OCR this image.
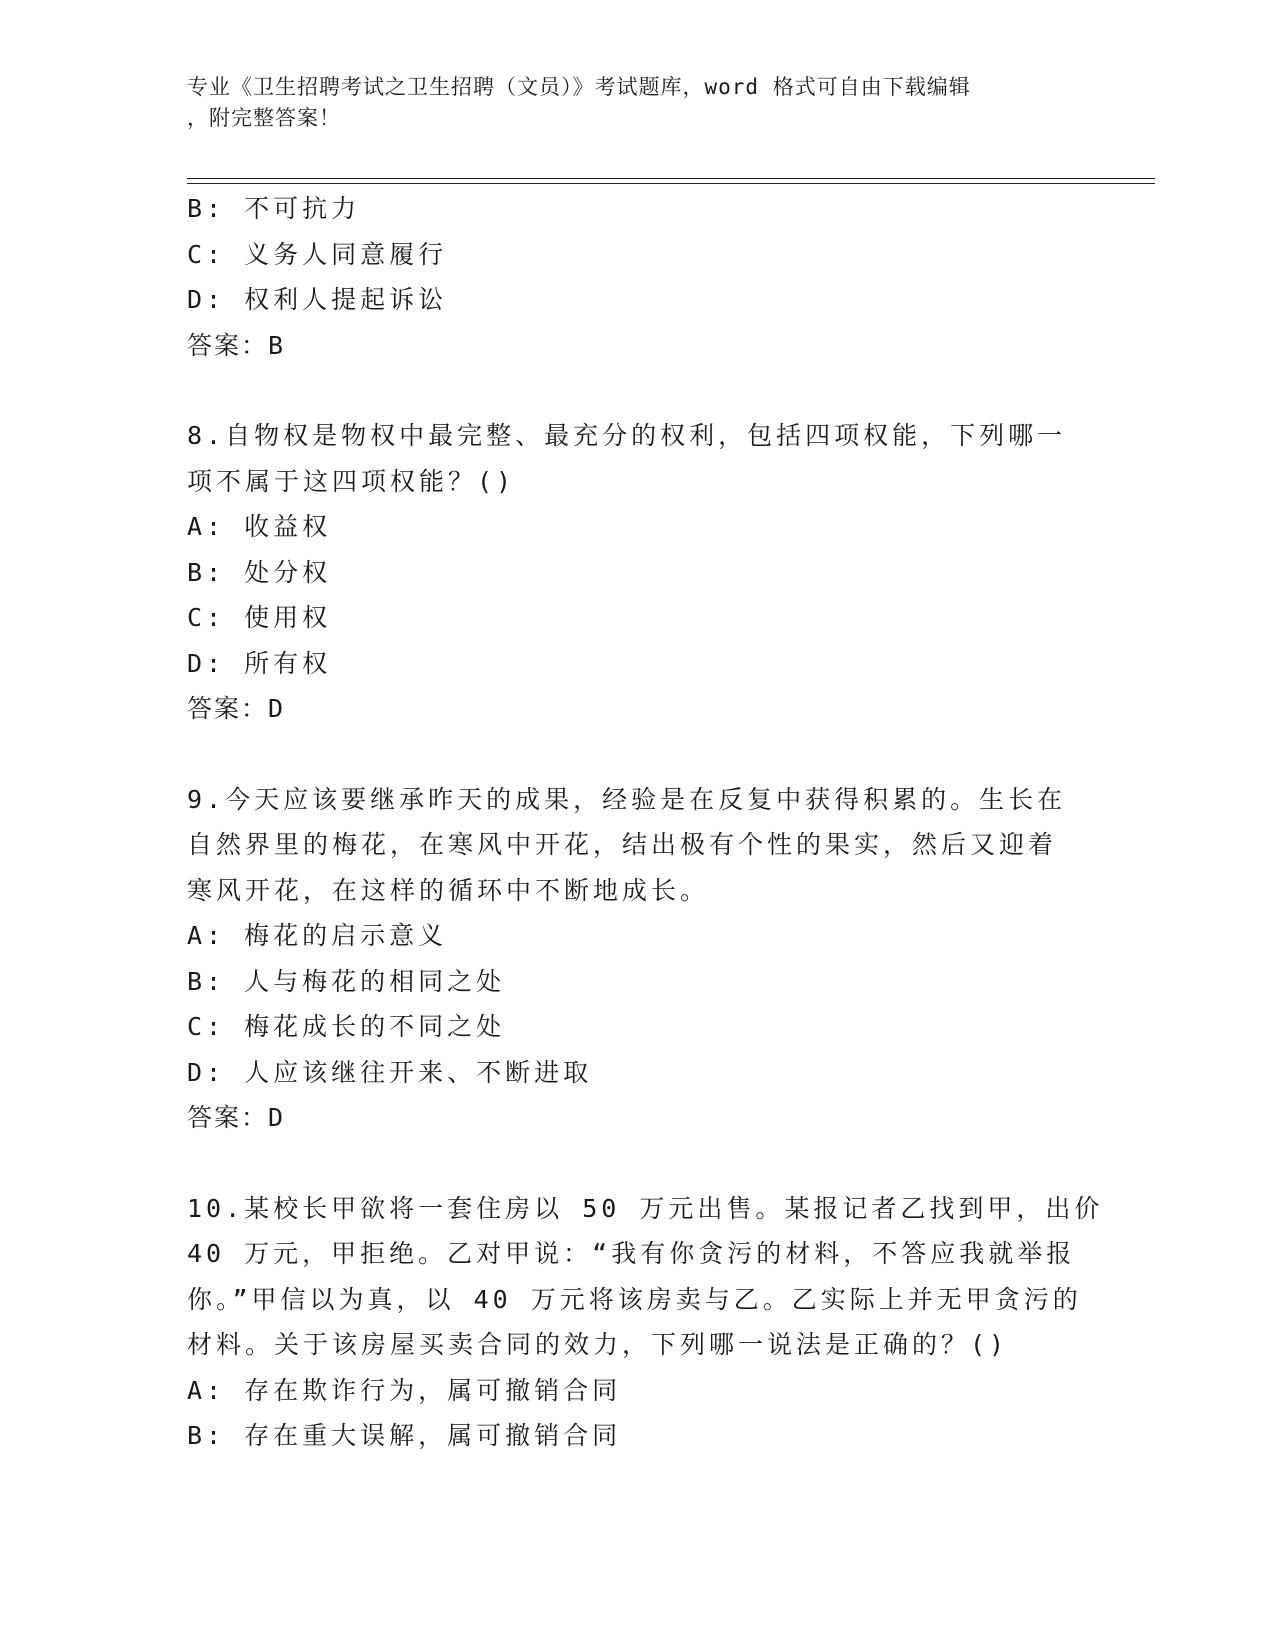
专业《卫生招聘考试之卫生招聘（文员）》考试题库，word 格式可自由下载编辑
，附完整答案！
B: 不可抗力
C: 义务人同意履行
D: 权利人提起诉讼
答案：B
8.自物权是物权中最完整、最充分的权利，包括四项权能，下列哪一
项不属于这四项权能？()
A: 收益权
B: 处分权
C: 使用权
D: 所有权
答案：D
9.今天应该要继承昨天的成果，经验是在反复中获得积累的。生长在
自然界里的梅花，在寒风中开花，结出极有个性的果实，然后又迎着
寒风开花，在这样的循环中不断地成长。
A: 梅花的启示意义
B: 人与梅花的相同之处
C: 梅花成长的不同之处
D: 人应该继往开来、不断进取
答案：D
10.某校长甲欲将一套住房以 50 万元出售。某报记者乙找到甲，出价
40 万元，甲拒绝。乙对甲说：“我有你贪污的材料，不答应我就举报
你。”甲信以为真，以 40 万元将该房卖与乙。乙实际上并无甲贪污的
材料。关于该房屋买卖合同的效力，下列哪一说法是正确的？()
A: 存在欺诈行为，属可撤销合同
B: 存在重大误解，属可撤销合同
